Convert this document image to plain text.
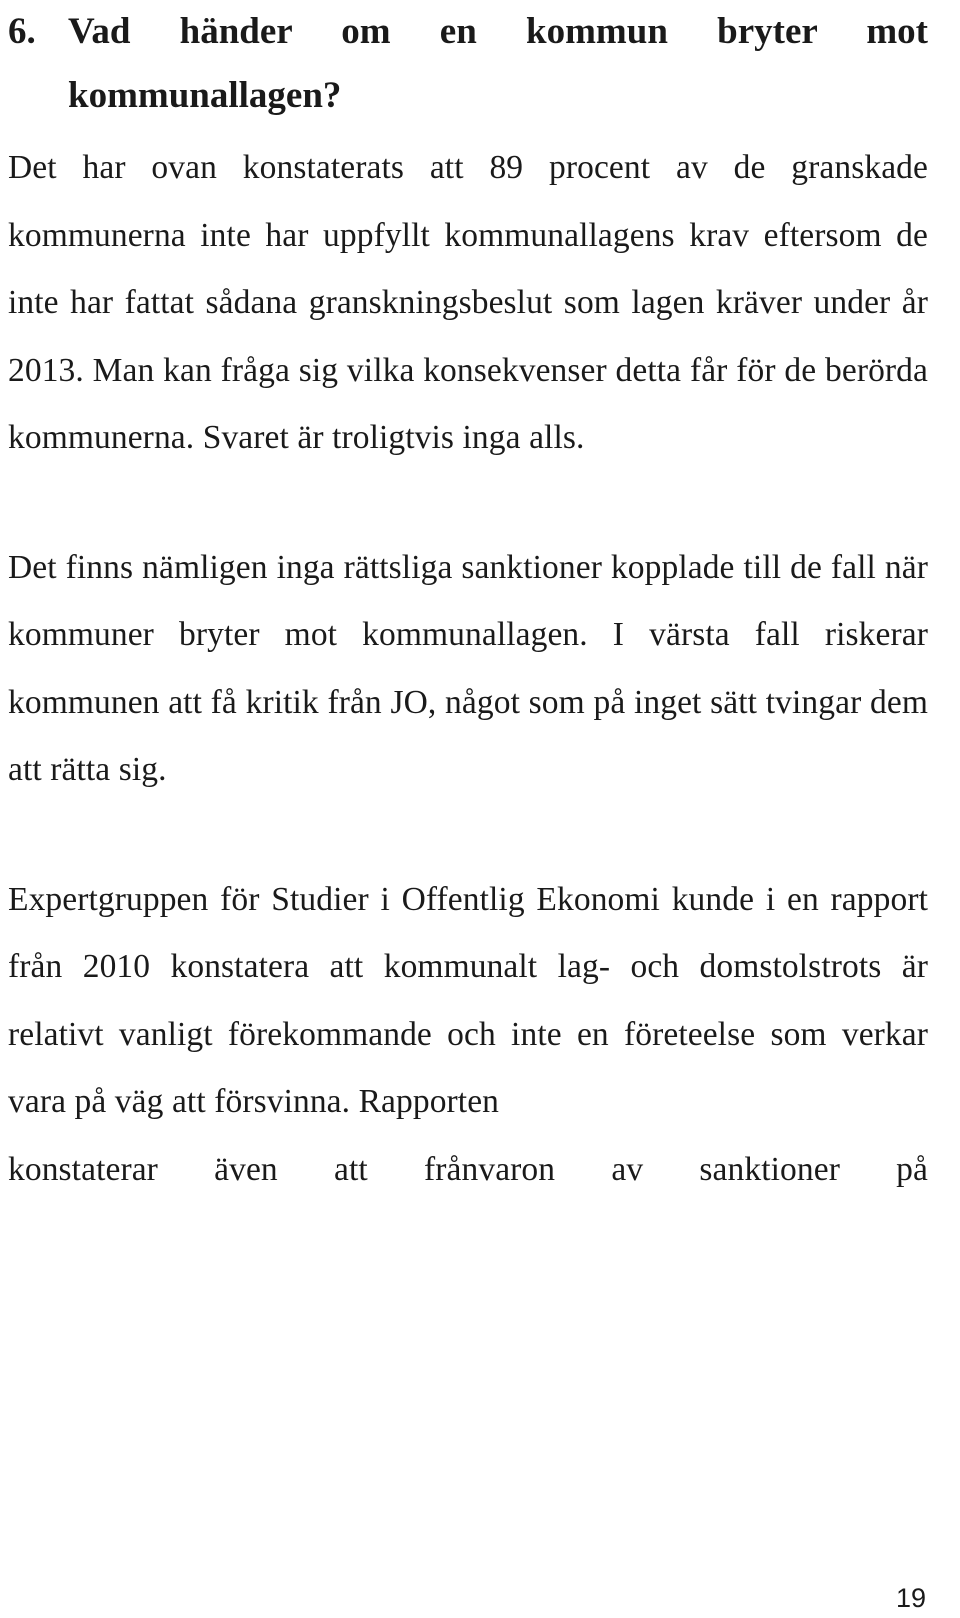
6. Vad händer om en kommun bryter mot kommunallagen?

Det har ovan konstaterats att 89 procent av de granskade kommunerna inte har uppfyllt kommunallagens krav eftersom de inte har fattat sådana granskningsbeslut som lagen kräver under år 2013. Man kan fråga sig vilka konsekvenser detta får för de berörda kommunerna. Svaret är troligtvis inga alls.

Det finns nämligen inga rättsliga sanktioner kopplade till de fall när kommuner bryter mot kommunallagen. I värsta fall riskerar kommunen att få kritik från JO, något som på inget sätt tvingar dem att rätta sig.

Expertgruppen för Studier i Offentlig Ekonomi kunde i en rapport från 2010 konstatera att kommunalt lag- och domstolstrots är relativt vanligt förekommande och inte en företeelse som verkar vara på väg att försvinna. Rapporten

konstaterar även att frånvaron av sanktioner på

19
